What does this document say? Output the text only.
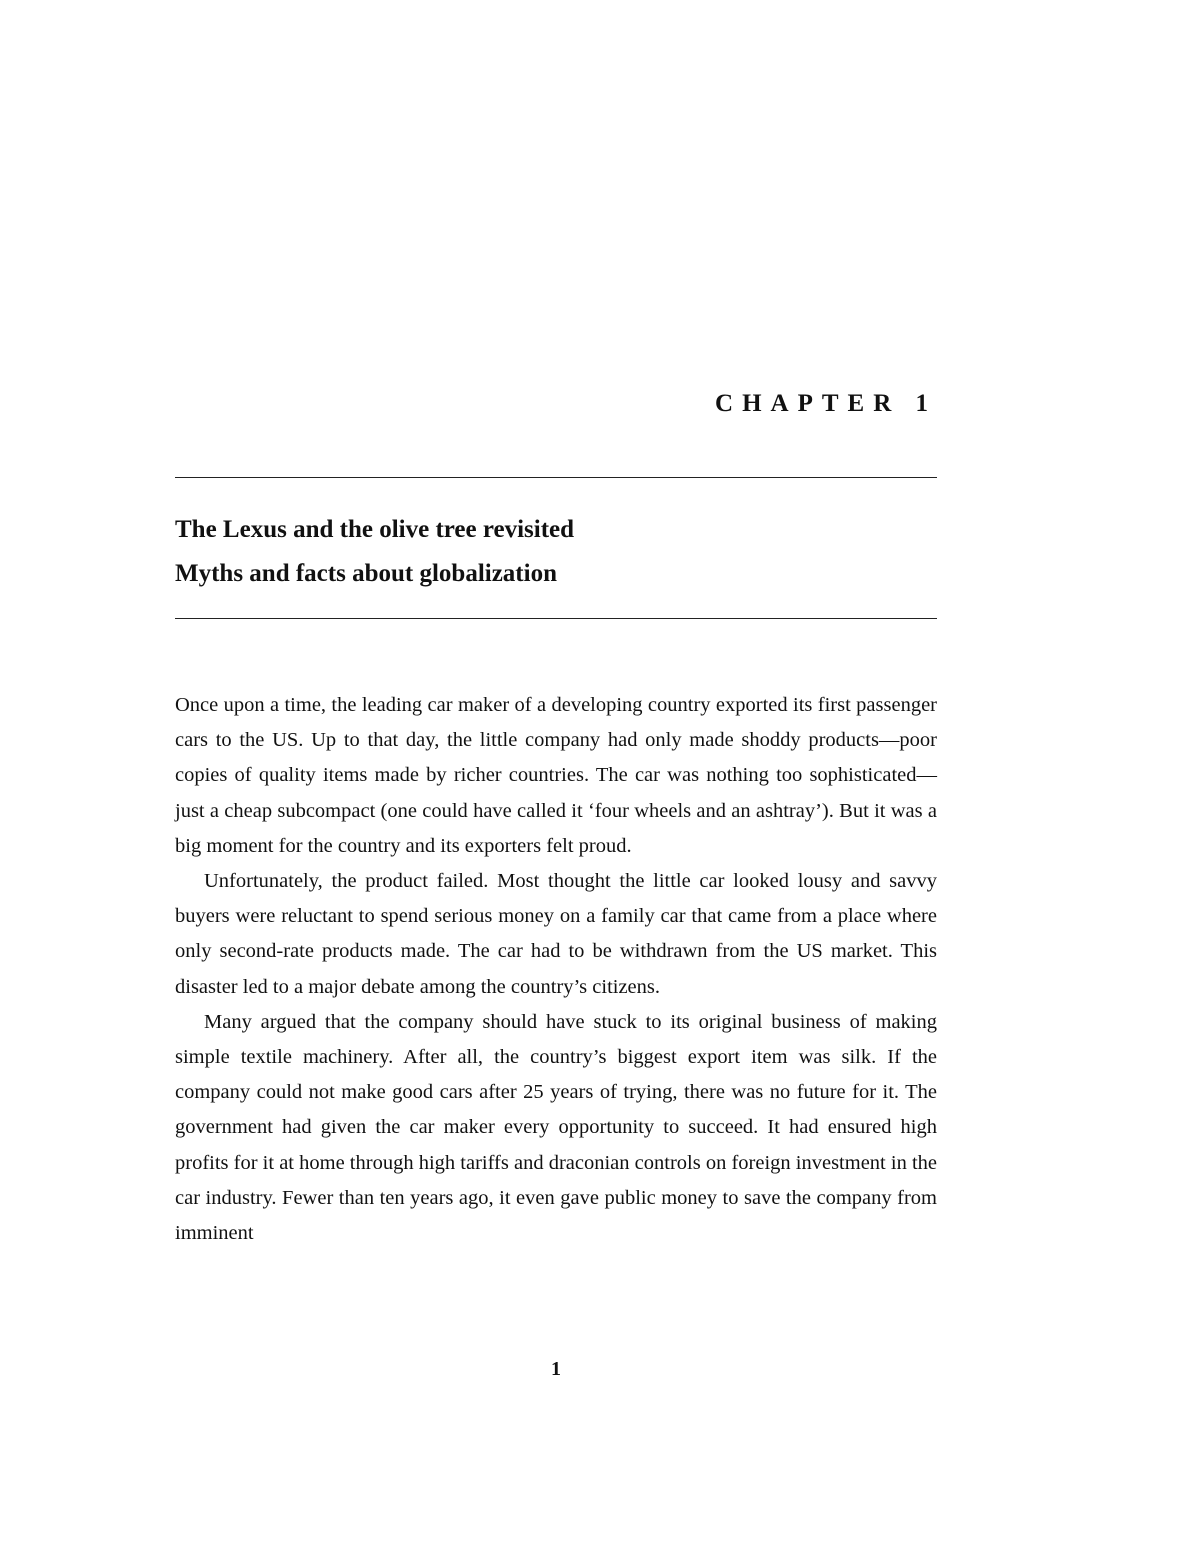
CHAPTER 1
The Lexus and the olive tree revisited
Myths and facts about globalization

Once upon a time, the leading car maker of a developing country exported its first passenger cars to the US. Up to that day, the little company had only made shoddy products—poor copies of quality items made by richer countries. The car was nothing too sophisticated—just a cheap subcompact (one could have called it ‘four wheels and an ashtray’). But it was a big moment for the country and its exporters felt proud.

Unfortunately, the product failed. Most thought the little car looked lousy and savvy buyers were reluctant to spend serious money on a family car that came from a place where only second-rate products made. The car had to be withdrawn from the US market. This disaster led to a major debate among the country’s citizens.

Many argued that the company should have stuck to its original business of making simple textile machinery. After all, the country’s biggest export item was silk. If the company could not make good cars after 25 years of trying, there was no future for it. The government had given the car maker every opportunity to succeed. It had ensured high profits for it at home through high tariffs and draconian controls on foreign investment in the car industry. Fewer than ten years ago, it even gave public money to save the company from imminent

1
